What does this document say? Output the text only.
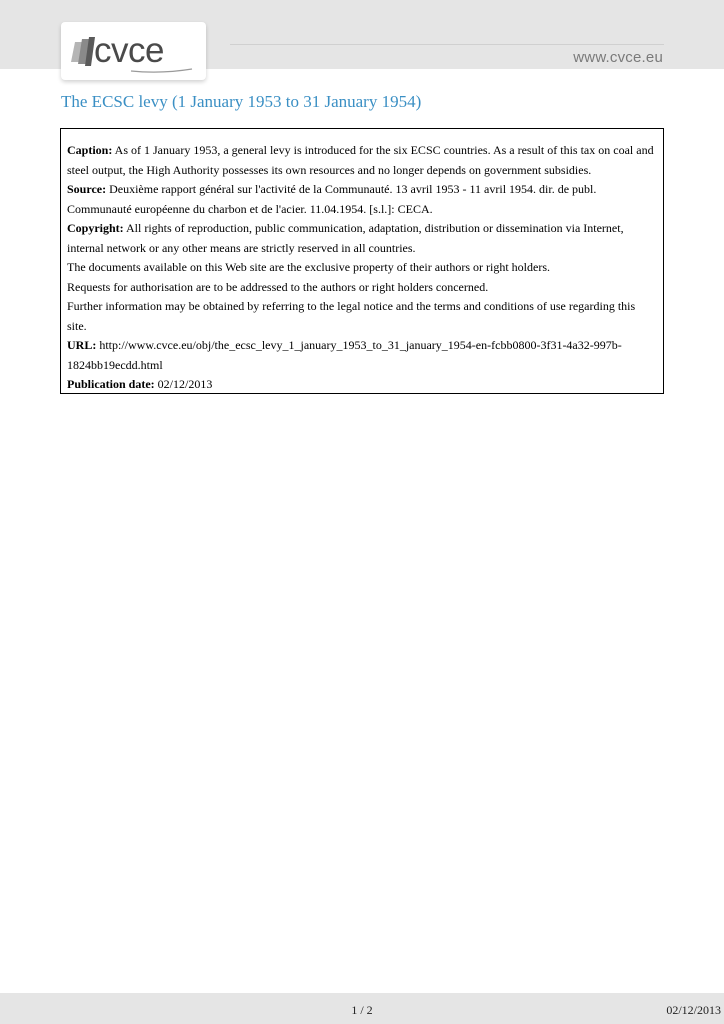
cvce	www.cvce.eu
The ECSC levy (1 January 1953 to 31 January 1954)

Caption: As of 1 January 1953, a general levy is introduced for the six ECSC countries. As a result of this tax on coal and steel output, the High Authority possesses its own resources and no longer depends on government subsidies.

Source: Deuxième rapport général sur l'activité de la Communauté. 13 avril 1953 - 11 avril 1954. dir. de publ. Communauté européenne du charbon et de l'acier. 11.04.1954. [s.l.]: CECA.

Copyright: All rights of reproduction, public communication, adaptation, distribution or dissemination via Internet, internal network or any other means are strictly reserved in all countries.

The documents available on this Web site are the exclusive property of their authors or right holders.

Requests for authorisation are to be addressed to the authors or right holders concerned.

Further information may be obtained by referring to the legal notice and the terms and conditions of use regarding this site.

URL: http://www.cvce.eu/obj/the_ecsc_levy_1_january_1953_to_31_january_1954-en-fcbb0800-3f31-4a32-997b-1824bb19ecdd.html

Publication date: 02/12/2013

1 / 2	02/12/2013
